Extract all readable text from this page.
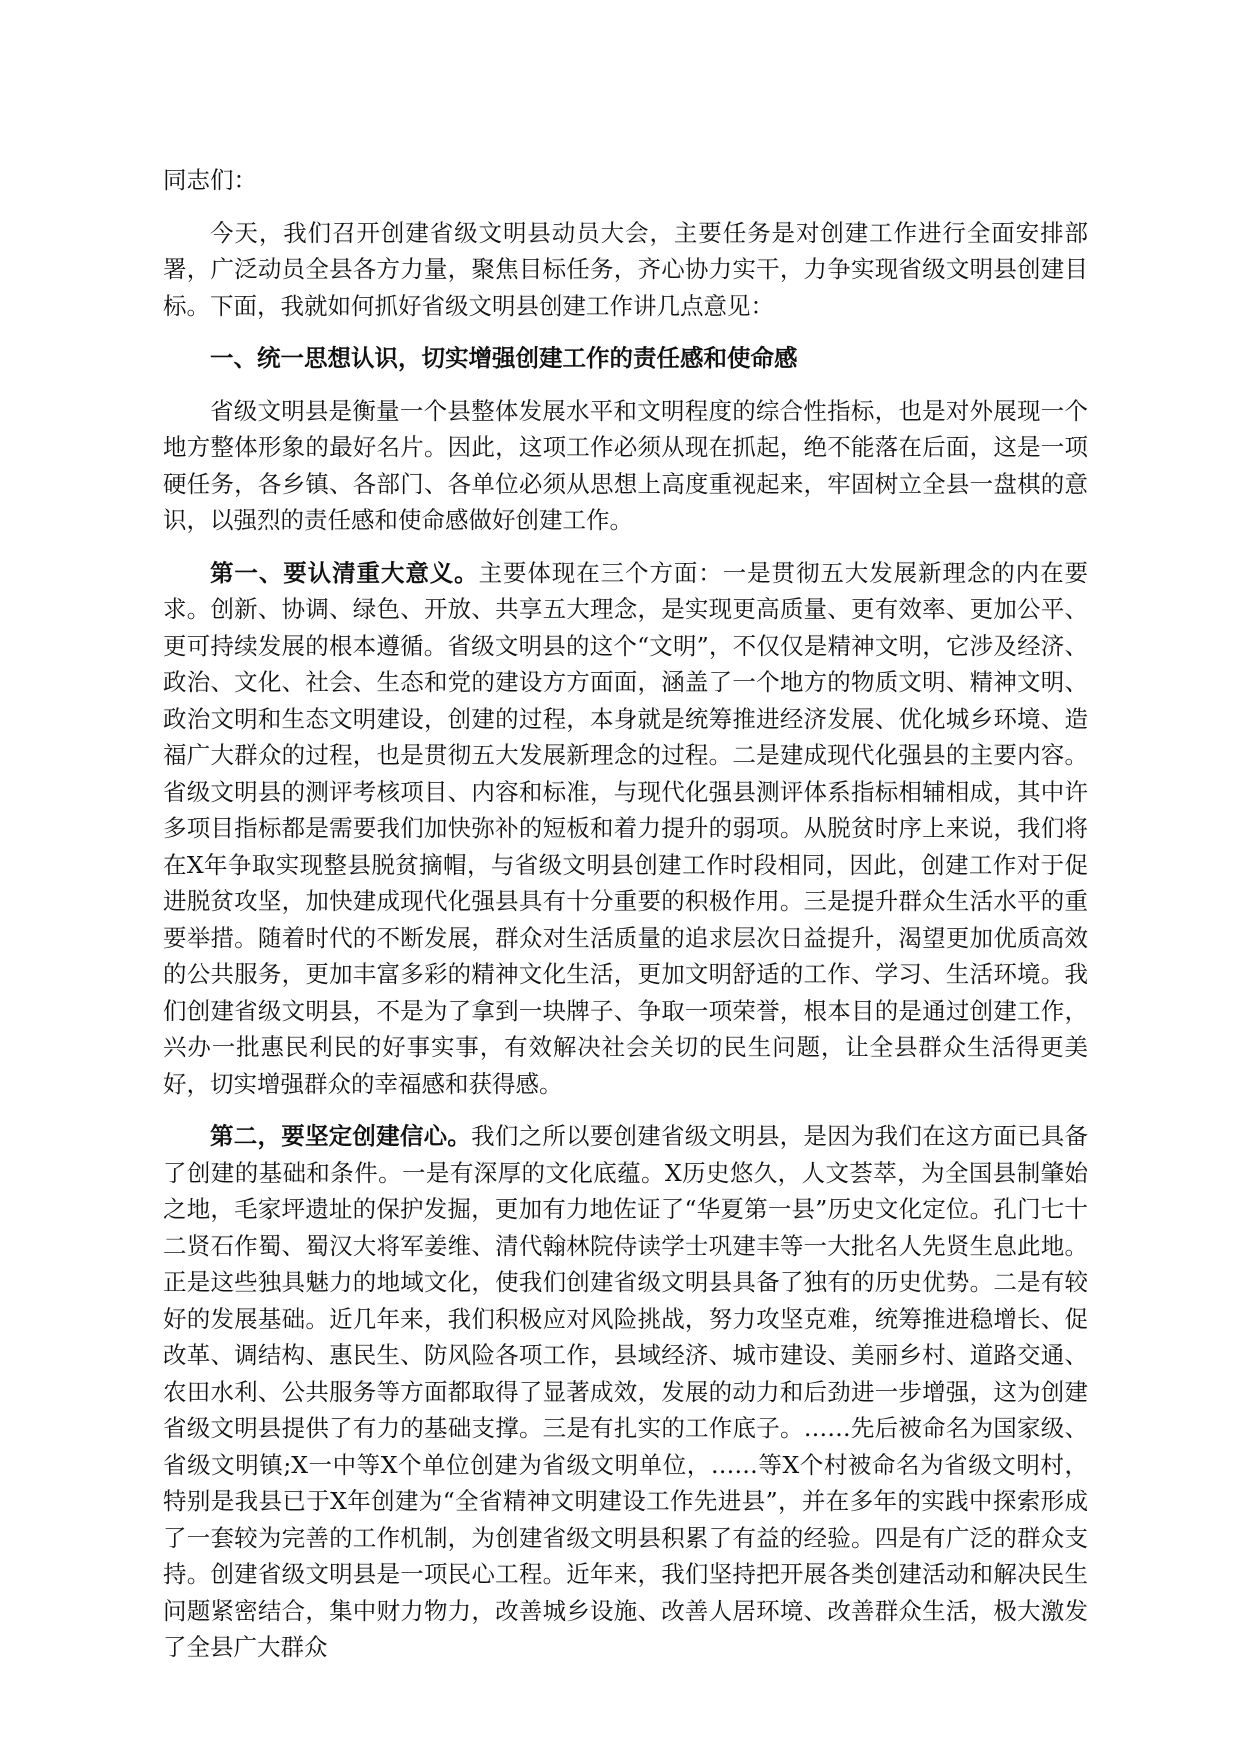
同志们：

今天，我们召开创建省级文明县动员大会，主要任务是对创建工作进行全面安排部署，广泛动员全县各方力量，聚焦目标任务，齐心协力实干，力争实现省级文明县创建目标。下面，我就如何抓好省级文明县创建工作讲几点意见：

一、统一思想认识，切实增强创建工作的责任感和使命感

省级文明县是衡量一个县整体发展水平和文明程度的综合性指标，也是对外展现一个地方整体形象的最好名片。因此，这项工作必须从现在抓起，绝不能落在后面，这是一项硬任务，各乡镇、各部门、各单位必须从思想上高度重视起来，牢固树立全县一盘棋的意识，以强烈的责任感和使命感做好创建工作。

第一、要认清重大意义。主要体现在三个方面：一是贯彻五大发展新理念的内在要求。创新、协调、绿色、开放、共享五大理念，是实现更高质量、更有效率、更加公平、更可持续发展的根本遵循。省级文明县的这个“文明”，不仅仅是精神文明，它涉及经济、政治、文化、社会、生态和党的建设方方面面，涵盖了一个地方的物质文明、精神文明、政治文明和生态文明建设，创建的过程，本身就是统筹推进经济发展、优化城乡环境、造福广大群众的过程，也是贯彻五大发展新理念的过程。二是建成现代化强县的主要内容。省级文明县的测评考核项目、内容和标准，与现代化强县测评体系指标相辅相成，其中许多项目指标都是需要我们加快弥补的短板和着力提升的弱项。从脱贫时序上来说，我们将在X年争取实现整县脱贫摘帽，与省级文明县创建工作时段相同，因此，创建工作对于促进脱贫攻坚，加快建成现代化强县具有十分重要的积极作用。三是提升群众生活水平的重要举措。随着时代的不断发展，群众对生活质量的追求层次日益提升，渴望更加优质高效的公共服务，更加丰富多彩的精神文化生活，更加文明舒适的工作、学习、生活环境。我们创建省级文明县，不是为了拿到一块牌子、争取一项荣誉，根本目的是通过创建工作，兴办一批惠民利民的好事实事，有效解决社会关切的民生问题，让全县群众生活得更美好，切实增强群众的幸福感和获得感。

第二，要坚定创建信心。我们之所以要创建省级文明县，是因为我们在这方面已具备了创建的基础和条件。一是有深厚的文化底蕴。X历史悠久，人文荟萃，为全国县制肇始之地，毛家坪遗址的保护发掘，更加有力地佐证了“华夏第一县”历史文化定位。孔门七十二贤石作蜀、蜀汉大将军姜维、清代翰林院侍读学士巩建丰等一大批名人先贤生息此地。正是这些独具魅力的地域文化，使我们创建省级文明县具备了独有的历史优势。二是有较好的发展基础。近几年来，我们积极应对风险挑战，努力攻坚克难，统筹推进稳增长、促改革、调结构、惠民生、防风险各项工作，县域经济、城市建设、美丽乡村、道路交通、农田水利、公共服务等方面都取得了显著成效，发展的动力和后劲进一步增强，这为创建省级文明县提供了有力的基础支撑。三是有扎实的工作底子。……先后被命名为国家级、省级文明镇;X一中等X个单位创建为省级文明单位，……等X个村被命名为省级文明村，特别是我县已于X年创建为“全省精神文明建设工作先进县”，并在多年的实践中探索形成了一套较为完善的工作机制，为创建省级文明县积累了有益的经验。四是有广泛的群众支持。创建省级文明县是一项民心工程。近年来，我们坚持把开展各类创建活动和解决民生问题紧密结合，集中财力物力，改善城乡设施、改善人居环境、改善群众生活，极大激发了全县广大群众
